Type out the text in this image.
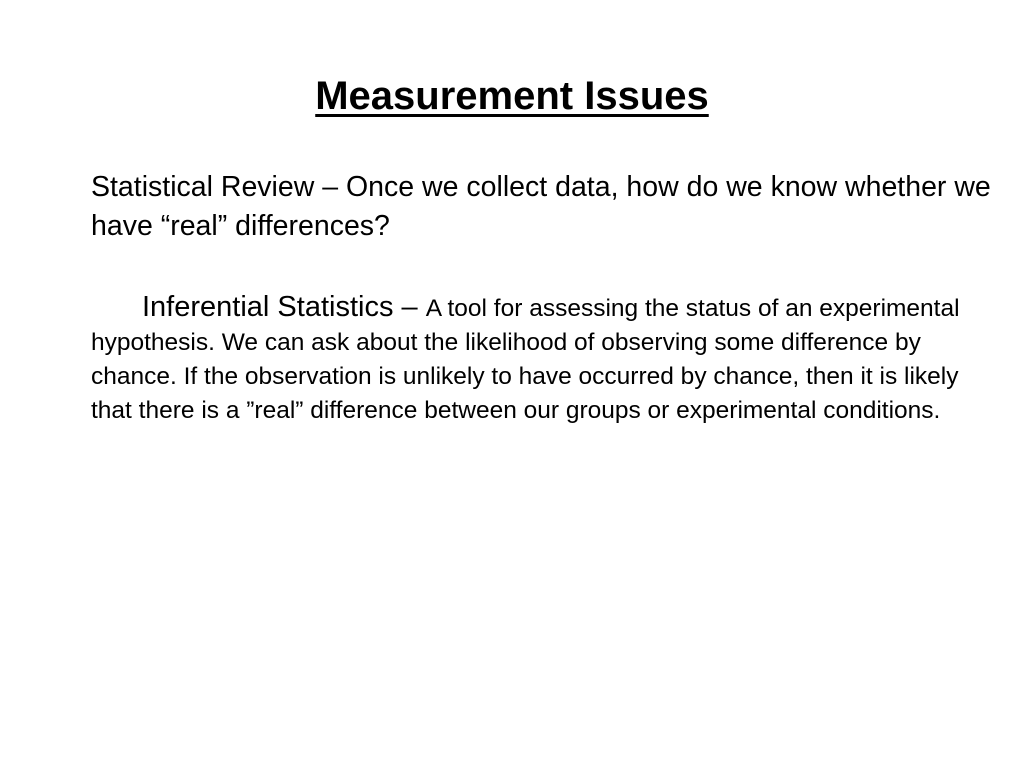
Measurement Issues

Statistical Review – Once we collect data, how do we know whether we have “real” differences?

Inferential Statistics – A tool for assessing the status of an experimental hypothesis. We can ask about the likelihood of observing some difference by chance. If the observation is unlikely to have occurred by chance, then it is likely that there is a ”real” difference between our groups or experimental conditions.
